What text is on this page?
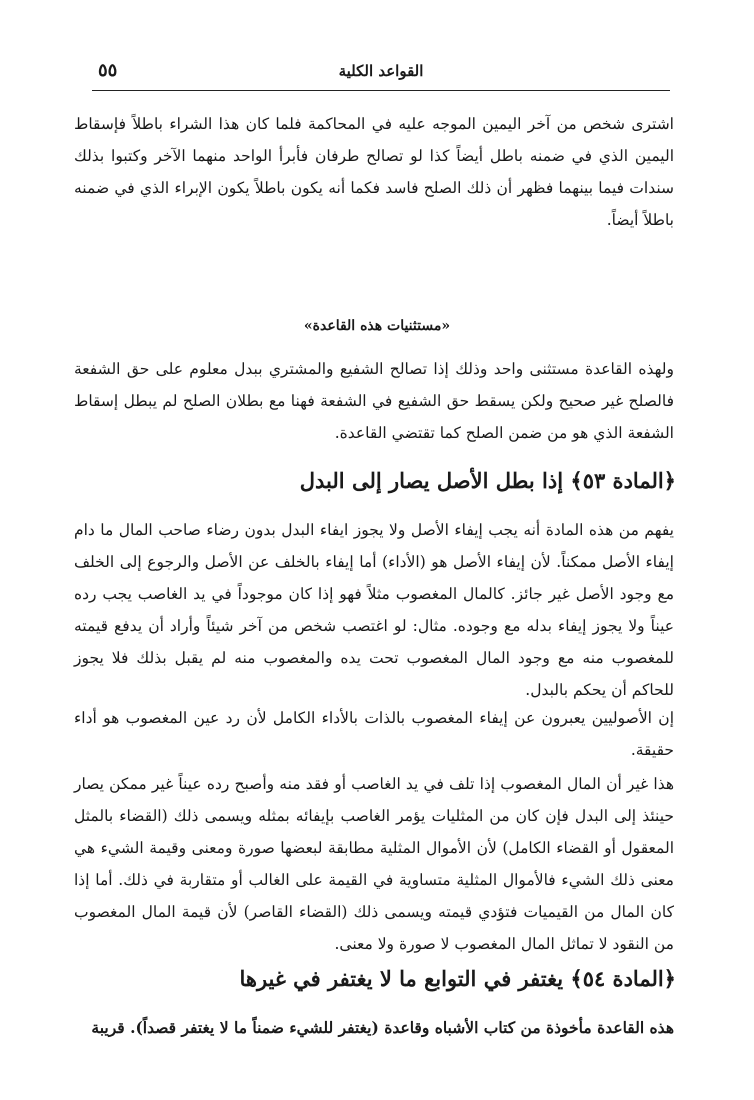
القواعد الكلية
٥٥

اشترى شخص من آخر اليمين الموجه عليه في المحاكمة فلما كان هذا الشراء باطلاً فإسقاط اليمين الذي في ضمنه باطل أيضاً كذا لو تصالح طرفان فأبرأ الواحد منهما الآخر وكتبوا بذلك سندات فيما بينهما فظهر أن ذلك الصلح فاسد فكما أنه يكون باطلاً يكون الإبراء الذي في ضمنه باطلاً أيضاً.

«مستثنيات هذه القاعدة»

ولهذه القاعدة مستثنى واحد وذلك إذا تصالح الشفيع والمشتري ببدل معلوم على حق الشفعة فالصلح غير صحيح ولكن يسقط حق الشفيع في الشفعة فهنا مع بطلان الصلح لم يبطل إسقاط الشفعة الذي هو من ضمن الصلح كما تقتضي القاعدة.

﴿المادة ٥٣﴾ إذا بطل الأصل يصار إلى البدل

يفهم من هذه المادة أنه يجب إيفاء الأصل ولا يجوز ايفاء البدل بدون رضاء صاحب المال ما دام إيفاء الأصل ممكناً. لأن إيفاء الأصل هو (الأداء) أما إيفاء بالخلف عن الأصل والرجوع إلى الخلف مع وجود الأصل غير جائز. كالمال المغصوب مثلاً فهو إذا كان موجوداً في يد الغاصب يجب رده عيناً ولا يجوز إيفاء بدله مع وجوده. مثال: لو اغتصب شخص من آخر شيئاً وأراد أن يدفع قيمته للمغصوب منه مع وجود المال المغصوب تحت يده والمغصوب منه لم يقبل بذلك فلا يجوز للحاكم أن يحكم بالبدل.

إن الأصوليين يعبرون عن إيفاء المغصوب بالذات بالأداء الكامل لأن رد عين المغصوب هو أداء حقيقة.

هذا غير أن المال المغصوب إذا تلف في يد الغاصب أو فقد منه وأصبح رده عيناً غير ممكن يصار حينئذ إلى البدل فإن كان من المثليات يؤمر الغاصب بإيفائه بمثله ويسمى ذلك (القضاء بالمثل المعقول أو القضاء الكامل) لأن الأموال المثلية مطابقة لبعضها صورة ومعنى وقيمة الشيء هي معنى ذلك الشيء فالأموال المثلية متساوية في القيمة على الغالب أو متقاربة في ذلك. أما إذا كان المال من القيميات فتؤدي قيمته ويسمى ذلك (القضاء القاصر) لأن قيمة المال المغصوب من النقود لا تماثل المال المغصوب لا صورة ولا معنى.

﴿المادة ٥٤﴾ يغتفر في التوابع ما لا يغتفر في غيرها

هذه القاعدة مأخوذة من كتاب الأشباه وقاعدة (يغتفر للشيء ضمناً ما لا يغتفر قصداً). قريبة
